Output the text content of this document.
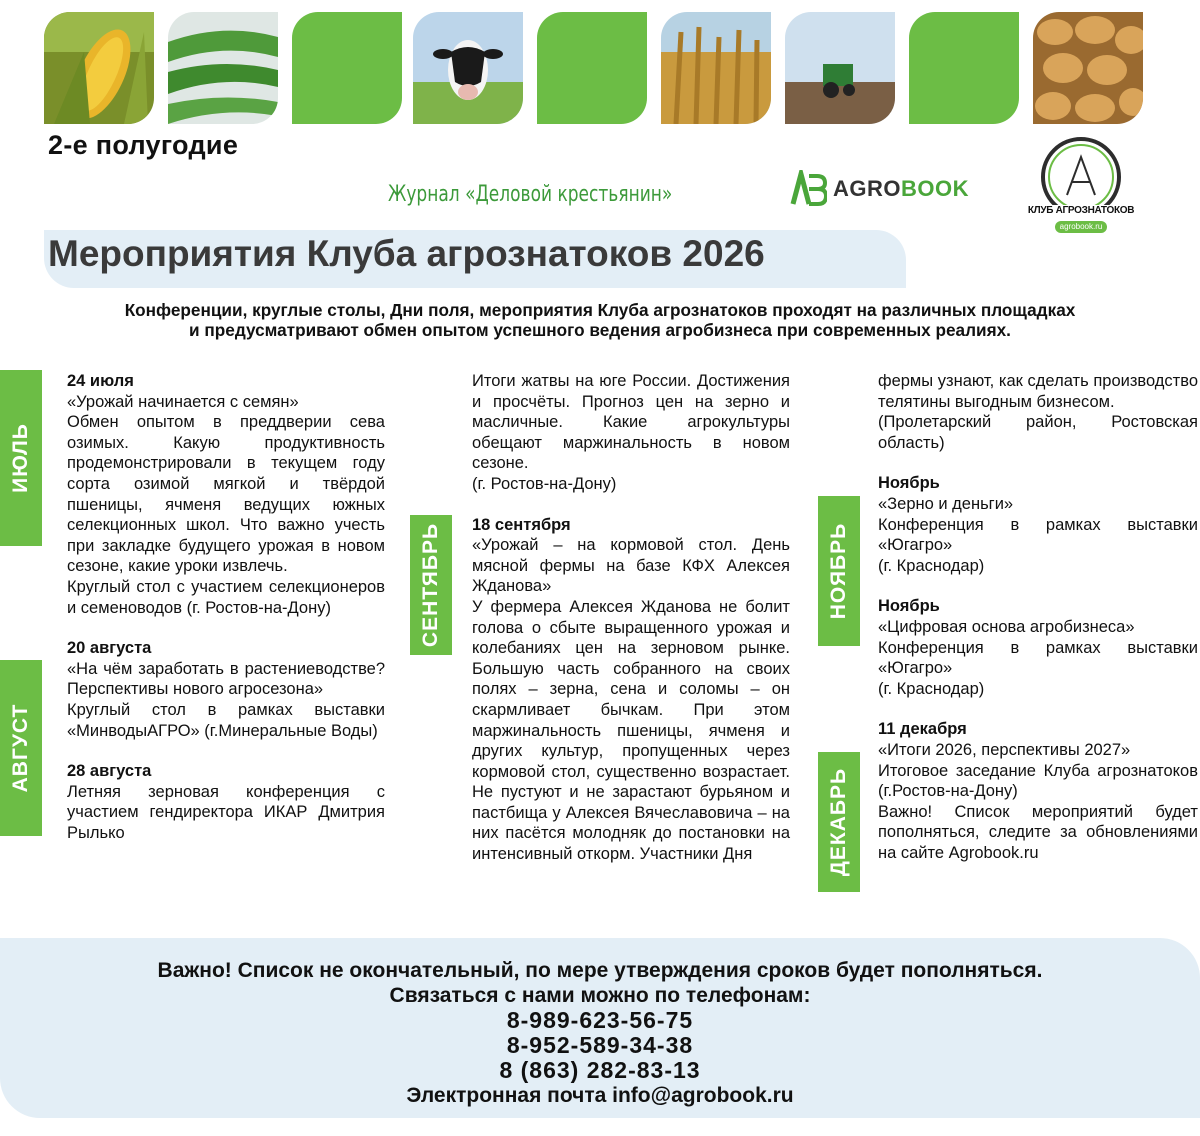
2-е полугодие
Журнал «Деловой крестьянин»	AGROBOOK
КЛУБ АГРОЗНАТОКОВ
agrobook.ru
Мероприятия Клуба агрознатоков 2026
Конференции, круглые столы, Дни поля, мероприятия Клуба агрознатоков проходят на различных площадках
и предусматривают обмен опытом успешного ведения агробизнеса при современных реалиях.
ИЮЛЬ
АВГУСТ
СЕНТЯБРЬ	НОЯБРЬ
ДЕКАБРЬ

24 июля

«Урожай начинается с семян»

Обмен опытом в преддверии сева озимых. Какую продуктивность продемонстрировали в текущем году сорта озимой мягкой и твёрдой пшеницы, ячменя ведущих южных селекционных школ. Что важно учесть при закладке будущего урожая в новом сезоне, какие уроки извлечь.

Круглый стол с участием селекционеров и семеноводов (г. Ростов-на-Дону)

20 августа

«На чём заработать в растениеводстве? Перспективы нового агросезона»

Круглый стол в рамках выставки «МинводыАГРО» (г.Минеральные Воды)

28 августа

Летняя зерновая конференция с участием гендиректора ИКАР Дмитрия Рылько

Итоги жатвы на юге России. Достижения и просчёты. Прогноз цен на зерно и масличные. Какие агрокультуры обещают маржинальность в новом сезоне.

(г. Ростов-на-Дону)

18 сентября

«Урожай – на кормовой стол. День мясной фермы на базе КФХ Алексея Жданова»

У фермера Алексея Жданова не болит голова о сбыте выращенного урожая и колебаниях цен на зерновом рынке. Большую часть собранного на своих полях – зерна, сена и соломы – он скармливает бычкам. При этом маржинальность пшеницы, ячменя и других культур, пропущенных через кормовой стол, существенно возрастает. Не пустуют и не зарастают бурьяном и пастбища у Алексея Вячеславовича – на них пасётся молодняк до постановки на интенсивный откорм. Участники Дня

фермы узнают, как сделать производство телятины выгодным бизнесом.

(Пролетарский район, Ростовская область)

Ноябрь

«Зерно и деньги»

Конференция в рамках выставки «Югагро»

(г. Краснодар)

Ноябрь

«Цифровая основа агробизнеса»

Конференция в рамках выставки «Югагро»

(г. Краснодар)

11 декабря

«Итоги 2026, перспективы 2027»

Итоговое заседание Клуба агрознатоков (г.Ростов-на-Дону)

Важно! Список мероприятий будет пополняться, следите за обновлениями на сайте Agrobook.ru

Важно! Список не окончательный, по мере утверждения сроков будет пополняться.
Связаться с нами можно по телефонам:
8-989-623-56-75
8-952-589-34-38
8 (863) 282-83-13
Электронная почта info@agrobook.ru
